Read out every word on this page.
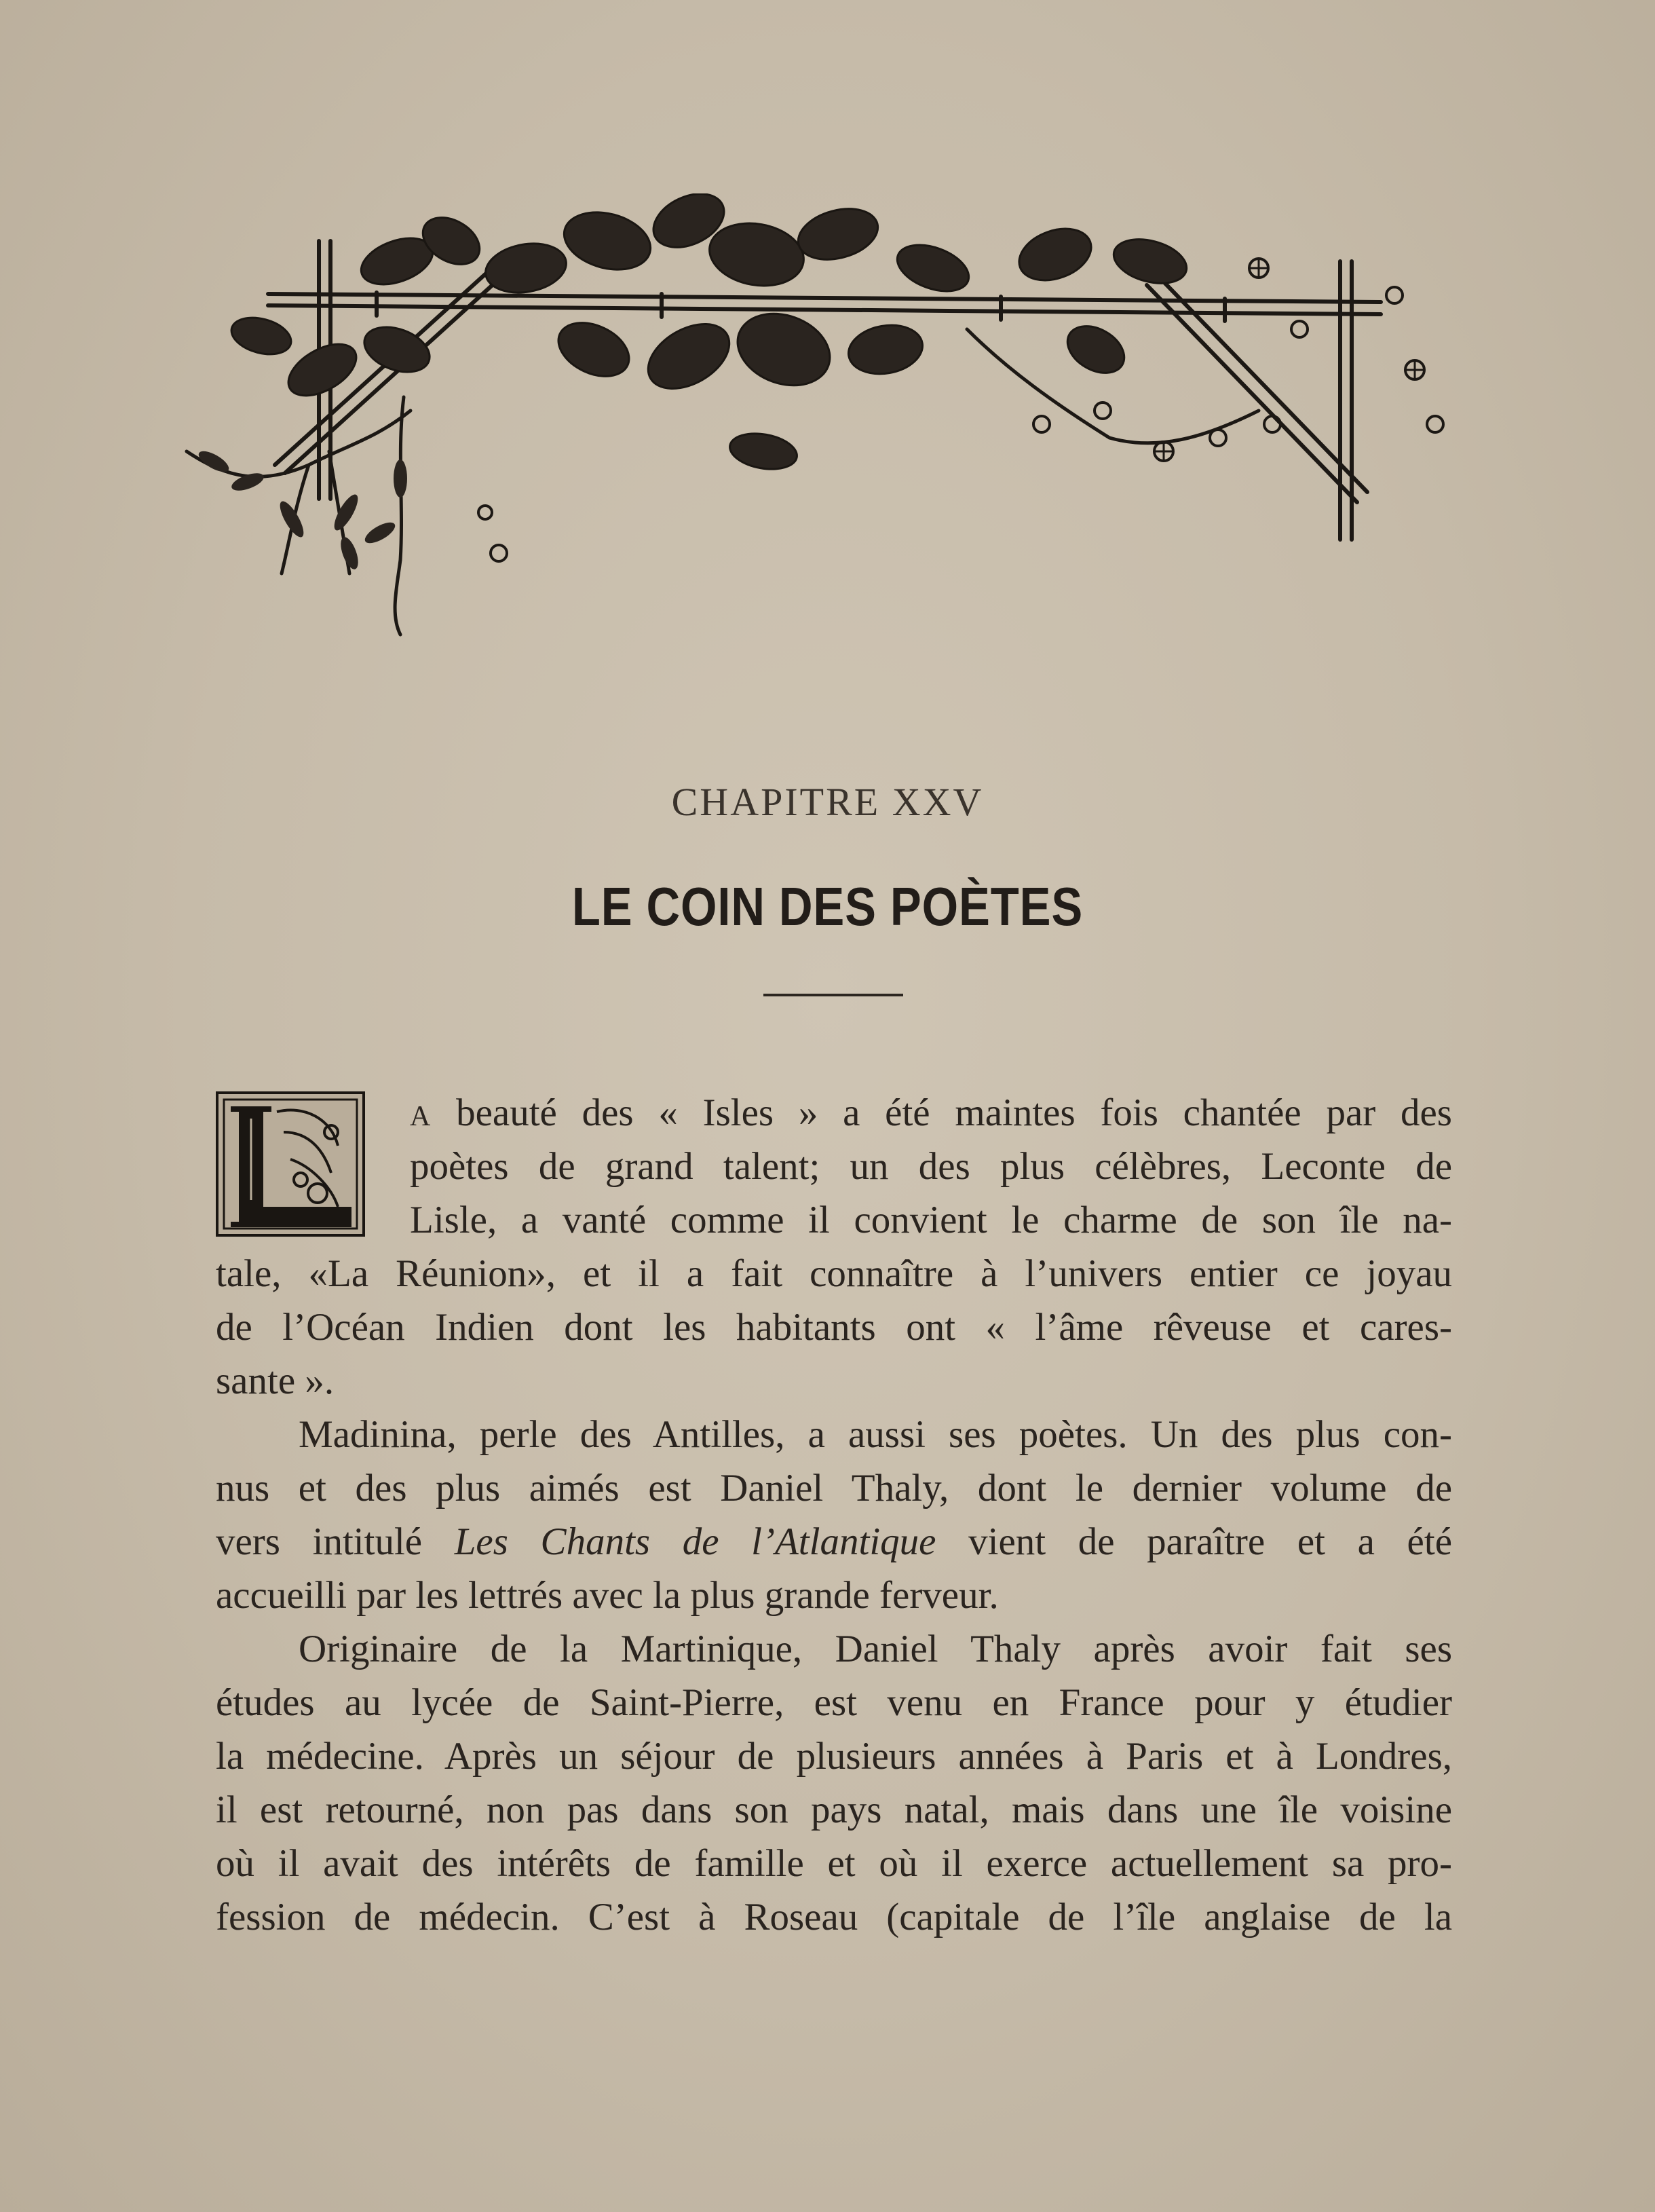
CHAPITRE XXV
LE COIN DES POÈTES
A beauté des « Isles » a été maintes fois chantée par des
poètes de grand talent; un des plus célèbres, Leconte de
Lisle, a vanté comme il convient le charme de son île na-
tale, «La Réunion», et il a fait connaître à l’univers entier ce joyau
de l’Océan Indien dont les habitants ont « l’âme rêveuse et cares-
sante ».
Madinina, perle des Antilles, a aussi ses poètes. Un des plus con-
nus et des plus aimés est Daniel Thaly, dont le dernier volume de
vers intitulé Les Chants de l’Atlantique vient de paraître et a été
accueilli par les lettrés avec la plus grande ferveur.
Originaire de la Martinique, Daniel Thaly après avoir fait ses
études au lycée de Saint-Pierre, est venu en France pour y étudier
la médecine. Après un séjour de plusieurs années à Paris et à Londres,
il est retourné, non pas dans son pays natal, mais dans une île voisine
où il avait des intérêts de famille et où il exerce actuellement sa pro-
fession de médecin. C’est à Roseau (capitale de l’île anglaise de la
